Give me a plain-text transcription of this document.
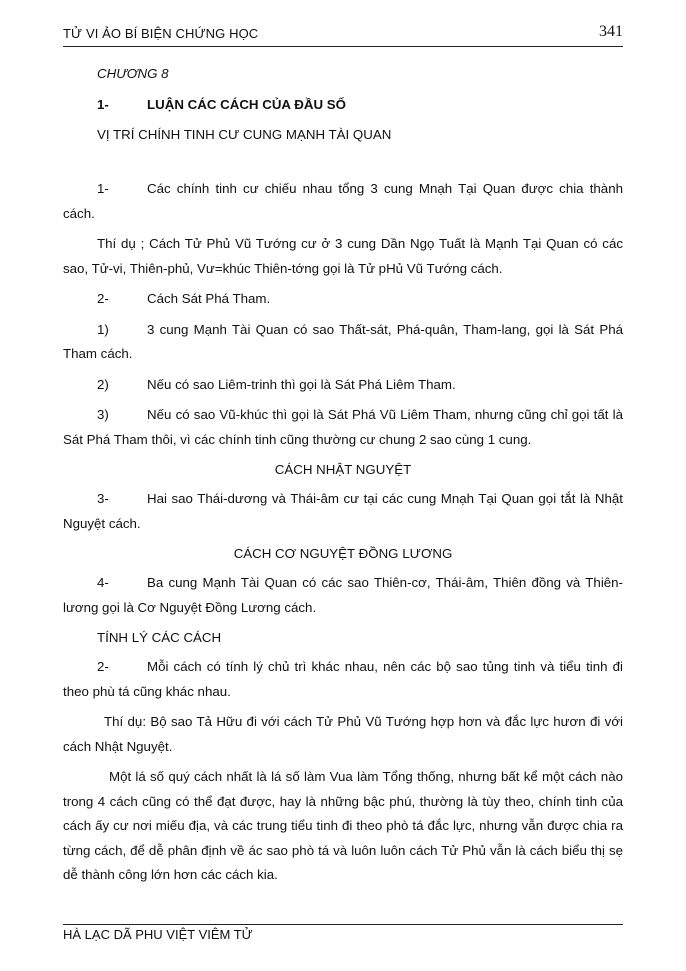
TỬ VI ẢO BÍ BIỆN CHỨNG HỌC	341

CHƯƠNG 8

1-	LUẬN CÁC CÁCH CỦA ĐẦU SỐ

VỊ TRÍ CHÍNH TINH CƯ CUNG MẠNH TÀI QUAN

1-	Các chính tinh cư chiếu nhau tổng 3 cung Mnạh Tại Quan được chia thành cách.

Thí dụ ; Cách Tử Phủ Vũ Tướng cư ở 3 cung Dần Ngọ Tuất là Mạnh Tại Quan có các sao, Tử-vi, Thiên-phủ, Vư=khúc Thiên-tớng gọi là Tử pHủ Vũ Tướng cách.

2-	Cách Sát Phá Tham.

1)	3 cung Mạnh Tài Quan có sao Thất-sát, Phá-quân, Tham-lang, gọi là Sát Phá Tham cách.

2)	Nếu có sao Liêm-trinh thì gọi là Sát Phá Liêm Tham.

3)	Nếu có sao Vũ-khúc thì gọi là Sát Phá Vũ Liêm Tham, nhưng cũng chỉ gọi tất là Sát Phá Tham thôi, vì các chính tinh cũng thường cư chung 2 sao cùng 1 cung.

CÁCH NHẬT NGUYỆT

3-	Hai sao Thái-dương và Thái-âm cư tại các cung Mnạh Tại Quan gọi tắt là Nhật Nguyệt cách.

CÁCH CƠ NGUYỆT ĐỒNG LƯƠNG

4-	Ba cung Mạnh Tài Quan có các sao Thiên-cơ, Thái-âm, Thiên đồng và Thiên-lương gọi là Cơ Nguyệt Đồng Lương cách.

TÍNH LÝ CÁC CÁCH

2-	Mỗi cách có tính lý chủ trì khác nhau, nên các bộ sao tủng tinh và tiểu tinh đi theo phù tá cũng khác nhau.

Thí dụ: Bộ sao Tả Hữu đi với cách Tử Phủ Vũ Tướng hợp hơn và đắc lực hươn đi với cách Nhật Nguyệt.

Một lá số quý cách nhất là lá số làm Vua làm Tổng thống, nhưng bất kể một cách nào trong 4 cách cũng có thể đạt được, hay là những bậc phú, thường là tùy theo, chính tinh của cách ấy cư nơi miếu địa, và các trung tiểu tinh đi theo phò tá đắc lực, nhưng vẫn được chia ra từng cách, để dễ phân định về ác sao phò tá và luôn luôn cách Tử Phủ vẫn là cách biểu thị sẹ dễ thành công lớn hơn các cách kia.

HÀ LẠC DÃ PHU VIỆT VIÊM TỬ
